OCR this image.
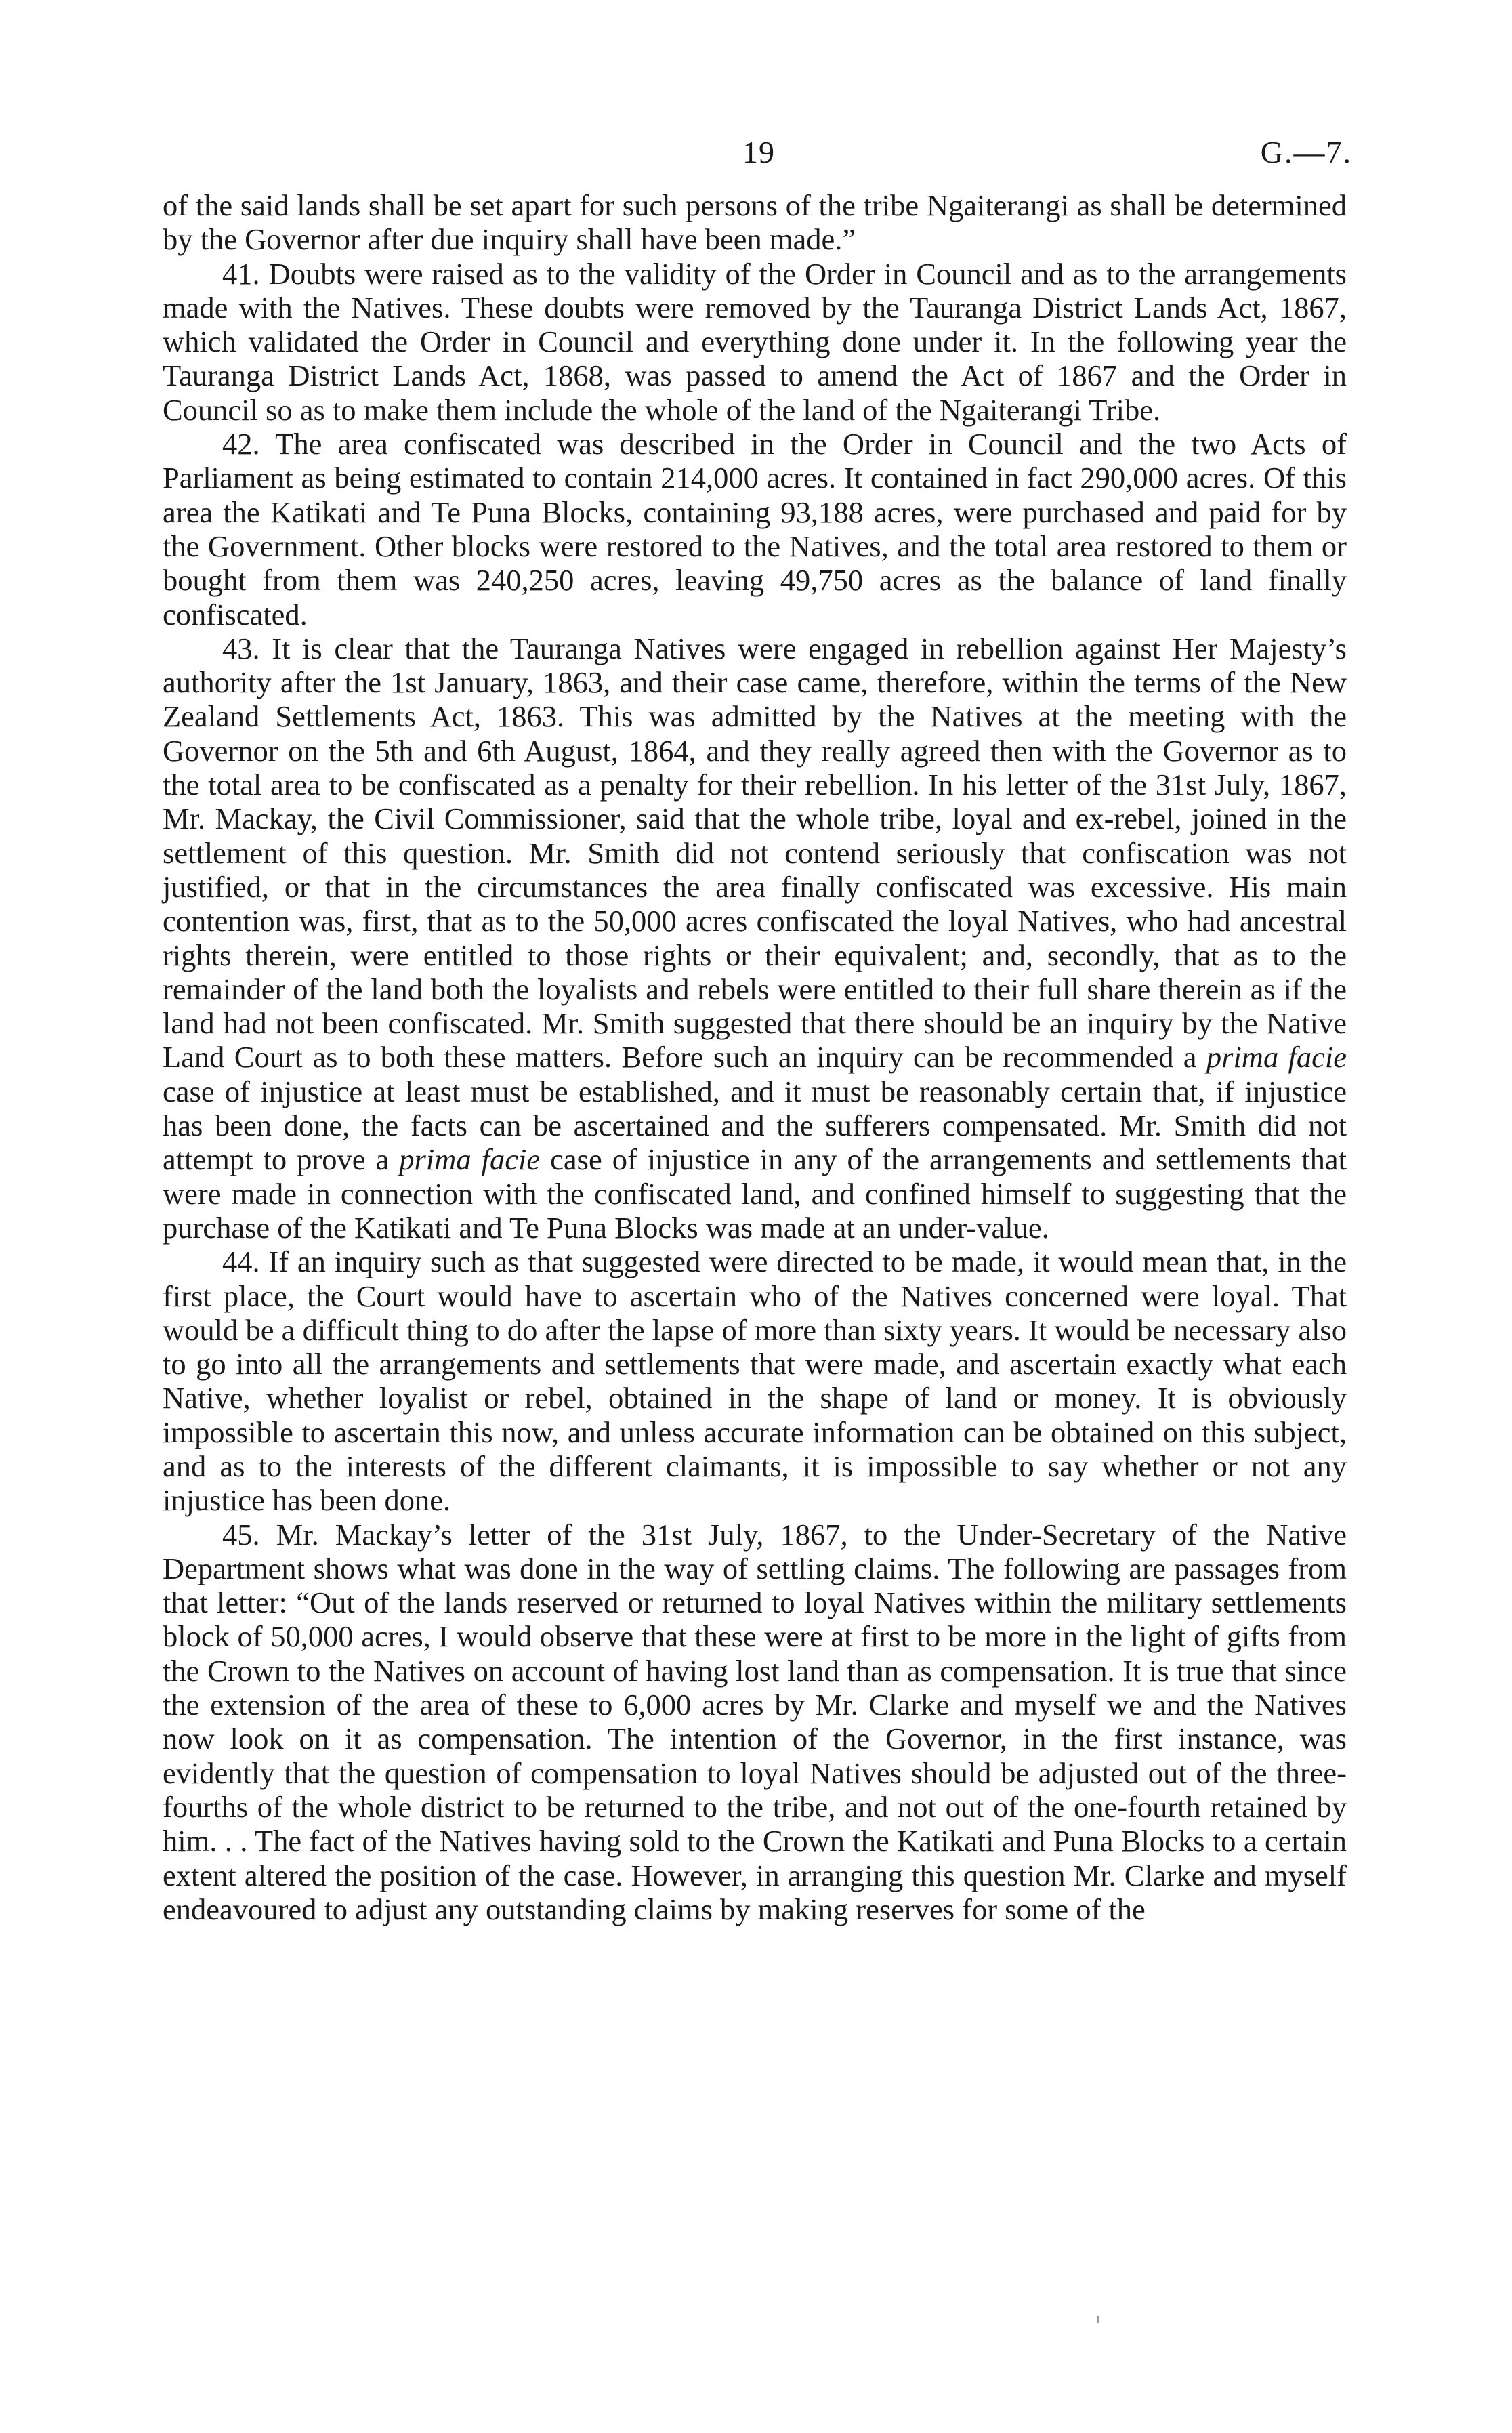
19	G.—7.

of the said lands shall be set apart for such persons of the tribe Ngaiterangi as shall be determined by the Governor after due inquiry shall have been made.”

41. Doubts were raised as to the validity of the Order in Council and as to the arrangements made with the Natives. These doubts were removed by the Tauranga District Lands Act, 1867, which validated the Order in Council and everything done under it. In the following year the Tauranga District Lands Act, 1868, was passed to amend the Act of 1867 and the Order in Council so as to make them include the whole of the land of the Ngaiterangi Tribe.

42. The area confiscated was described in the Order in Council and the two Acts of Parliament as being estimated to contain 214,000 acres. It contained in fact 290,000 acres. Of this area the Katikati and Te Puna Blocks, containing 93,188 acres, were purchased and paid for by the Government. Other blocks were restored to the Natives, and the total area restored to them or bought from them was 240,250 acres, leaving 49,750 acres as the balance of land finally confiscated.

43. It is clear that the Tauranga Natives were engaged in rebellion against Her Majesty’s authority after the 1st January, 1863, and their case came, therefore, within the terms of the New Zealand Settlements Act, 1863. This was admitted by the Natives at the meeting with the Governor on the 5th and 6th August, 1864, and they really agreed then with the Governor as to the total area to be confiscated as a penalty for their rebellion. In his letter of the 31st July, 1867, Mr. Mackay, the Civil Commissioner, said that the whole tribe, loyal and ex-rebel, joined in the settlement of this question. Mr. Smith did not contend seriously that confiscation was not justified, or that in the circumstances the area finally confiscated was excessive. His main contention was, first, that as to the 50,000 acres confiscated the loyal Natives, who had ancestral rights therein, were entitled to those rights or their equivalent; and, secondly, that as to the remainder of the land both the loyalists and rebels were entitled to their full share therein as if the land had not been confiscated. Mr. Smith suggested that there should be an inquiry by the Native Land Court as to both these matters. Before such an inquiry can be recommended a prima facie case of injustice at least must be established, and it must be reasonably certain that, if injustice has been done, the facts can be ascertained and the sufferers compensated. Mr. Smith did not attempt to prove a prima facie case of injustice in any of the arrangements and settlements that were made in connection with the confiscated land, and confined himself to suggesting that the purchase of the Katikati and Te Puna Blocks was made at an under-value.

44. If an inquiry such as that suggested were directed to be made, it would mean that, in the first place, the Court would have to ascertain who of the Natives concerned were loyal. That would be a difficult thing to do after the lapse of more than sixty years. It would be necessary also to go into all the arrangements and settlements that were made, and ascertain exactly what each Native, whether loyalist or rebel, obtained in the shape of land or money. It is obviously impossible to ascertain this now, and unless accurate information can be obtained on this subject, and as to the interests of the different claimants, it is impossible to say whether or not any injustice has been done.

45. Mr. Mackay’s letter of the 31st July, 1867, to the Under-Secretary of the Native Department shows what was done in the way of settling claims. The following are passages from that letter: “Out of the lands reserved or returned to loyal Natives within the military settlements block of 50,000 acres, I would observe that these were at first to be more in the light of gifts from the Crown to the Natives on account of having lost land than as compensation. It is true that since the extension of the area of these to 6,000 acres by Mr. Clarke and myself we and the Natives now look on it as compensation. The intention of the Governor, in the first instance, was evidently that the question of compensation to loyal Natives should be adjusted out of the three-fourths of the whole district to be returned to the tribe, and not out of the one-fourth retained by him. . . The fact of the Natives having sold to the Crown the Katikati and Puna Blocks to a certain extent altered the position of the case. However, in arranging this question Mr. Clarke and myself endeavoured to adjust any outstanding claims by making reserves for some of the
